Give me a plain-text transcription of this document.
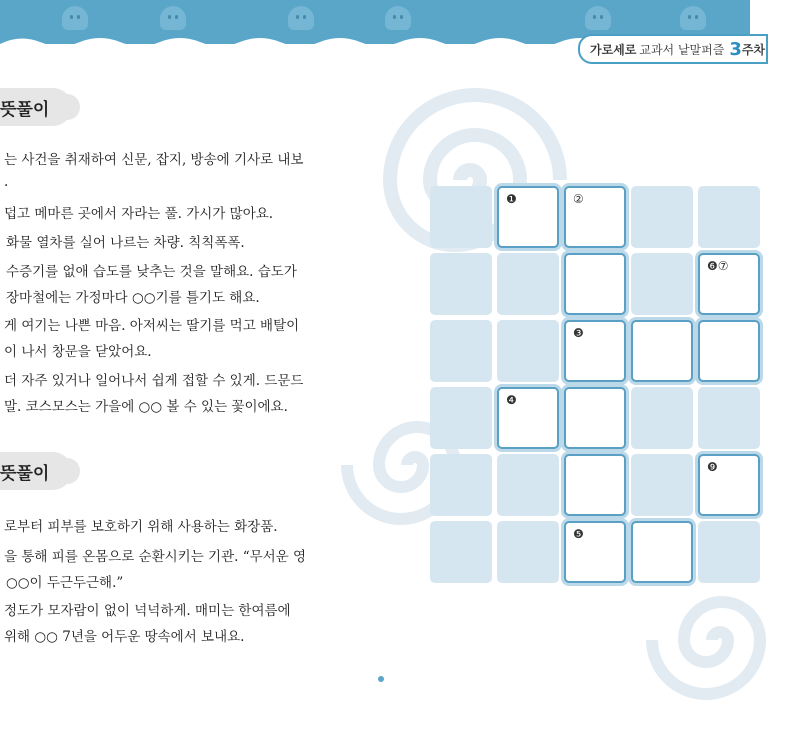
가로세로 교과서 낱말퍼즐 3 주차
뜻풀이
는 사건을 취재하여 신문, 잡지, 방송에 기사로 내보
.
덥고 메마른 곳에서 자라는 풀. 가시가 많아요.
화물 열차를 실어 나르는 차량. 칙칙폭폭.
수증기를 없애 습도를 낮추는 것을 말해요. 습도가
장마철에는 가정마다 ○○기를 틀기도 해요.
게 여기는 나쁜 마음. 아저씨는 딸기를 먹고 배탈이
이 나서 창문을 닫았어요.
더 자주 있거나 일어나서 쉽게 접할 수 있게. 드문드
말. 코스모스는 가을에 ○○ 볼 수 있는 꽃이에요.
뜻풀이
로부터 피부를 보호하기 위해 사용하는 화장품.
을 통해 피를 온몸으로 순환시키는 기관. “무서운 영
○○이 두근두근해.”
정도가 모자람이 없이 넉넉하게. 매미는 한여름에
위해 ○○ 7년을 어두운 땅속에서 보내요.
❶	②
❻⑦
❸
❹
❾
❺
